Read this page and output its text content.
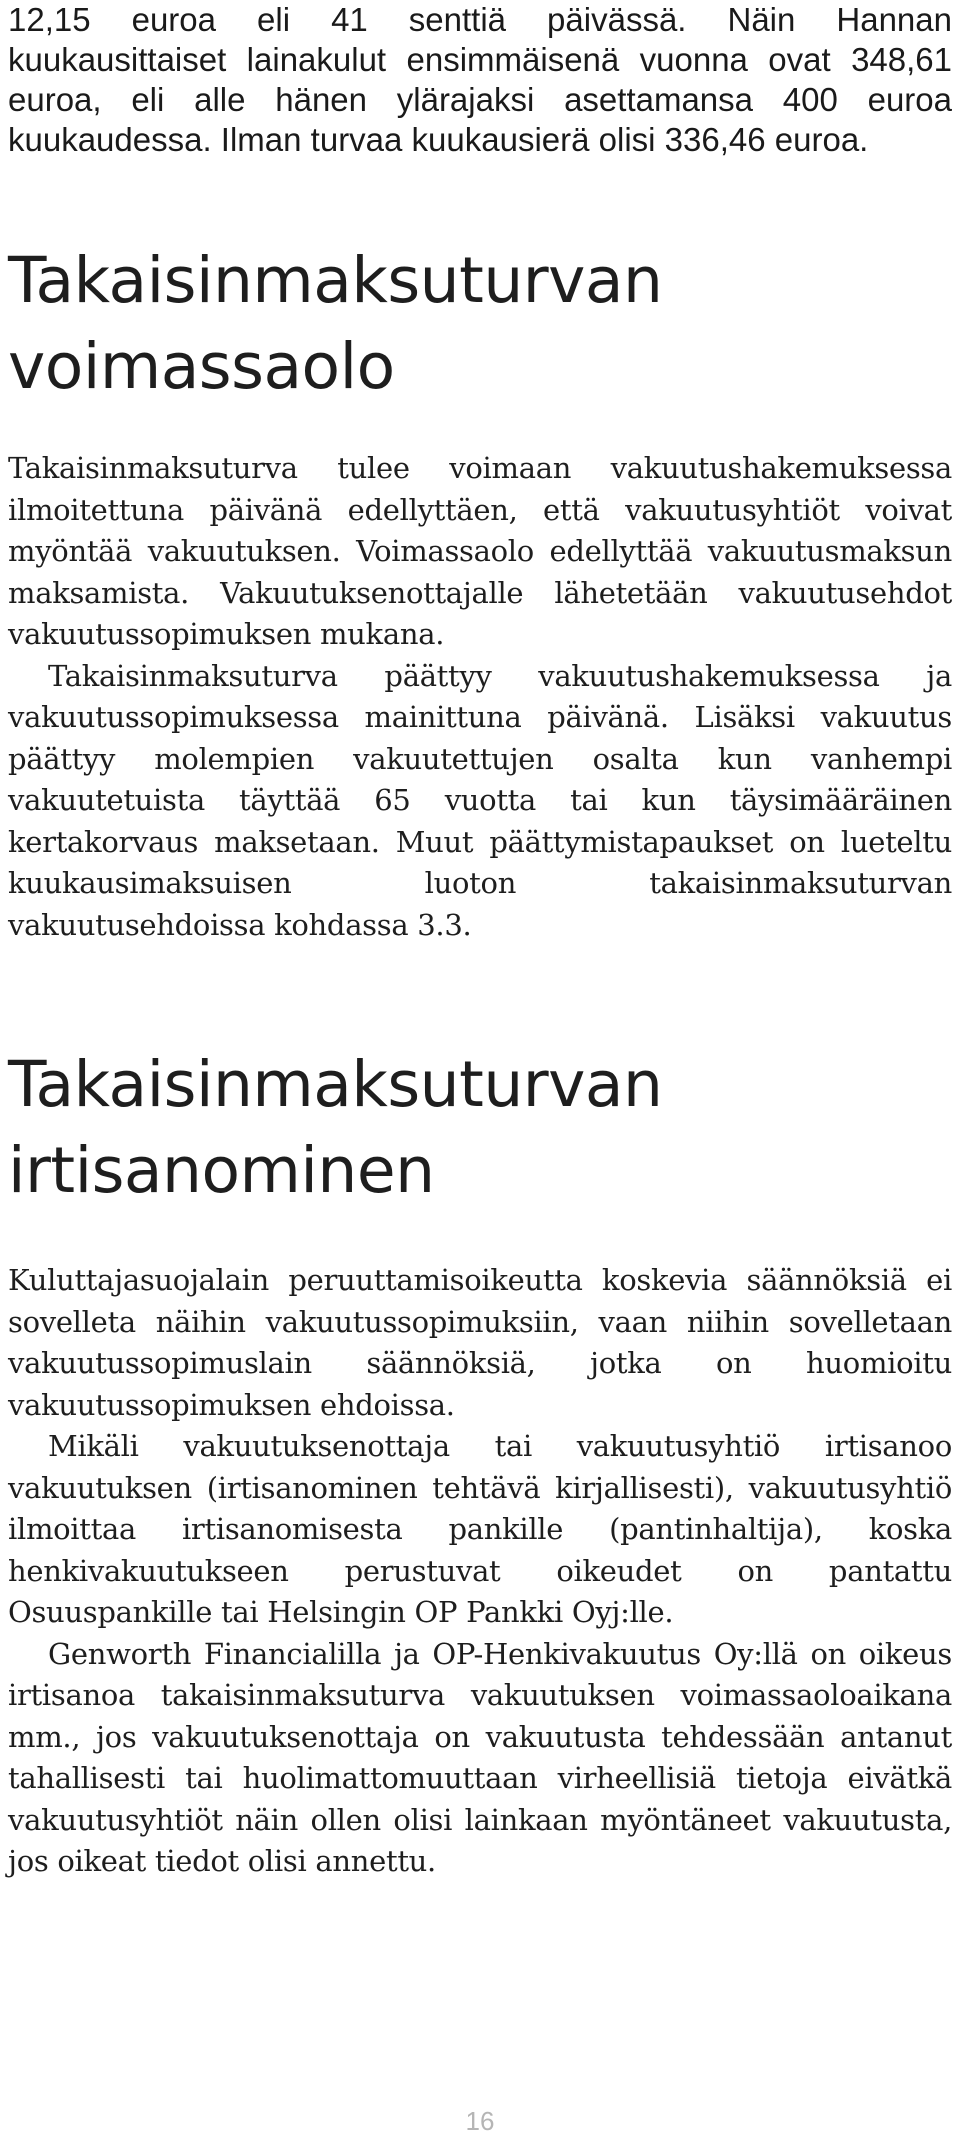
12,15 euroa eli 41 senttiä päivässä. Näin Hannan kuukausittaiset lainakulut ensimmäisenä vuonna ovat 348,61 euroa, eli alle hänen ylärajaksi asettamansa 400 euroa kuukaudessa. Ilman turvaa kuukausierä olisi 336,46 euroa.

Takaisinmaksuturvan
voimassaolo

Takaisinmaksuturva tulee voimaan vakuutushakemuksessa ilmoitettuna päivänä edellyttäen, että vakuutusyhtiöt voivat myöntää vakuutuksen. Voimassaolo edellyttää vakuutusmaksun maksamista. Vakuutuksenottajalle lähetetään vakuutusehdot vakuutussopimuksen mukana.

Takaisinmaksuturva päättyy vakuutushakemuksessa ja vakuutussopimuksessa mainittuna päivänä. Lisäksi vakuutus päättyy molempien vakuutettujen osalta kun vanhempi vakuutetuista täyttää 65 vuotta tai kun täysimääräinen kertakorvaus maksetaan. Muut päättymistapaukset on lueteltu kuukausimaksuisen luoton takaisinmaksuturvan vakuutusehdoissa kohdassa 3.3.

Takaisinmaksuturvan
irtisanominen

Kuluttajasuojalain peruuttamisoikeutta koskevia säännöksiä ei sovelleta näihin vakuutussopimuksiin, vaan niihin sovelletaan vakuutussopimuslain säännöksiä, jotka on huomioitu vakuutussopimuksen ehdoissa.

Mikäli vakuutuksenottaja tai vakuutusyhtiö irtisanoo vakuutuksen (irtisanominen tehtävä kirjallisesti), vakuutusyhtiö ilmoittaa irtisanomisesta pankille (pantinhaltija), koska henkivakuutukseen perustuvat oikeudet on pantattu Osuuspankille tai Helsingin OP Pankki Oyj:lle.

Genworth Financialilla ja OP-Henkivakuutus Oy:llä on oikeus irtisanoa takaisinmaksuturva vakuutuksen voimassaoloaikana mm., jos vakuutuksenottaja on vakuutusta tehdessään antanut tahallisesti tai huolimattomuuttaan virheellisiä tietoja eivätkä vakuutusyhtiöt näin ollen olisi lainkaan myöntäneet vakuutusta, jos oikeat tiedot olisi annettu.

16
